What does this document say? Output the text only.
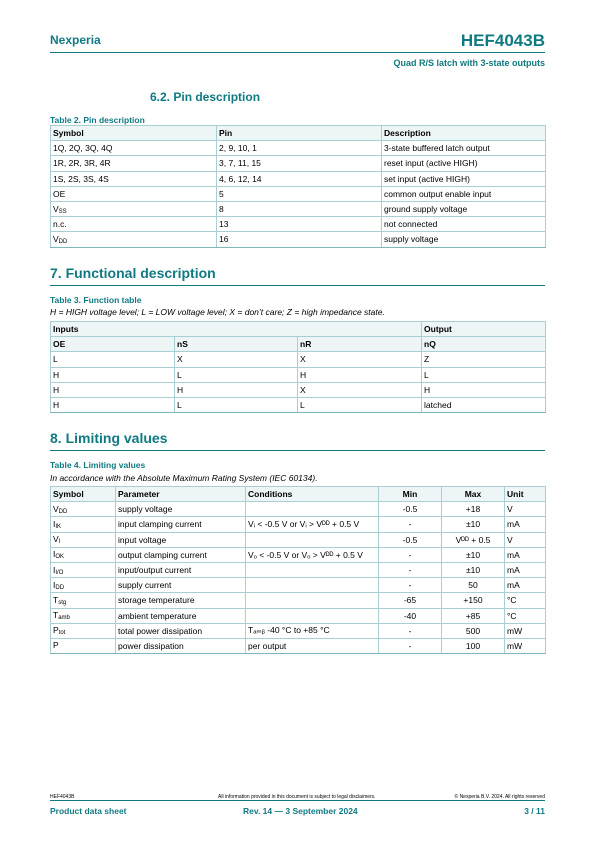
Nexperia	HEF4043B
Quad R/S latch with 3-state outputs
6.2. Pin description
Table 2. Pin description
Symbol	Pin	Description
1Q, 2Q, 3Q, 4Q	2, 9, 10, 1	3-state buffered latch output
1R, 2R, 3R, 4R	3, 7, 11, 15	reset input (active HIGH)
1S, 2S, 3S, 4S	4, 6, 12, 14	set input (active HIGH)
OE	5	common output enable input
$V_{SS}$	8	ground supply voltage
n.c.	13	not connected
$V_{DD}$	16	supply voltage
7. Functional description
Table 3. Function table
H = HIGH voltage level; L = LOW voltage level; X = don’t care; Z = high impedance state.
Inputs			Output
OE	nS	nR	nQ
L	X	X	Z
H	L	H	L
H	H	X	H
H	L	L	latched
8. Limiting values
Table 4. Limiting values
In accordance with the Absolute Maximum Rating System (IEC 60134).
Symbol	Parameter	Conditions	Min	Max	Unit
$V_{DD}$	supply voltage		-0.5	+18	V
$I_{IK}$	input clamping current	Vᵢ < -0.5 V or Vᵢ > Vᴰᴰ + 0.5 V	-	±10	mA
$V_I$	input voltage		-0.5	Vᴰᴰ + 0.5	V
$I_{OK}$	output clamping current	Vₒ < -0.5 V or Vₒ > Vᴰᴰ + 0.5 V	-	±10	mA
$I_{I/O}$	input/output current		-	±10	mA
$I_{DD}$	supply current		-	50	mA
$T_{stg}$	storage temperature		-65	+150	°C
$T_{amb}$	ambient temperature		-40	+85	°C
$P_{tot}$	total power dissipation	Tₐₘᵦ -40 °C to +85 °C	-	500	mW
P	power dissipation	per output	-	100	mW
HEF4043B	All information provided in this document is subject to legal disclaimers.	© Nexperia B.V. 2024. All rights reserved
Product data sheet	Rev. 14 — 3 September 2024	3 / 11
